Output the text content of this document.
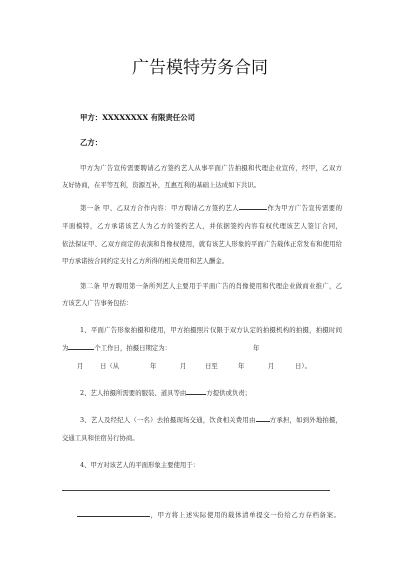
广告模特劳务合同
甲方：XXXXXXXX 有限责任公司
乙方：
甲方为广告宣传需要聘请乙方签约艺人从事平面广告拍摄和代理企业宣传，经甲，乙双方
友好协商，在平等互利，资源互补，互惠互利的基础上达成如下共识。
第一条 甲、乙双方合作内容：甲方聘请乙方签约艺人	作为甲方广告宣传需要的
平面模特，乙方承诺该艺人为乙方的签约艺人，并依据签约内容有权代理该艺人签订合同，
依法保证甲、乙双方商定的表演和肖像权使用，就有该艺人形象的平面广告载体正常发布和使用给
甲方承诺按合同约定支付乙方所得的相关费用和艺人酬金。
第二条 甲方聘用第一条所列艺人主要用于平面广告的肖像使用和代理企业做商业推广，乙
方该艺人广告事务包括：
1、平面广告形象拍摄和使用，甲方拍摄照片仅限于双方认定的拍摄机构的拍摄，拍摄时间
为	个工作日，拍摄日期定为：	年
月	日（从	年	月	日至	年	月	日）。
2、艺人拍摄所需要的服装、道具等由	方提供或负责；
3、艺人及经纪人（一名）去拍摄现场交通，饮食相关费用由 方承担，如到外地拍摄，
交通工具和住宿另行协商。
4、甲方对该艺人的平面形象主要使用于：
，甲方将上述实际使用的载体清单提交一份给乙方存档备案。
